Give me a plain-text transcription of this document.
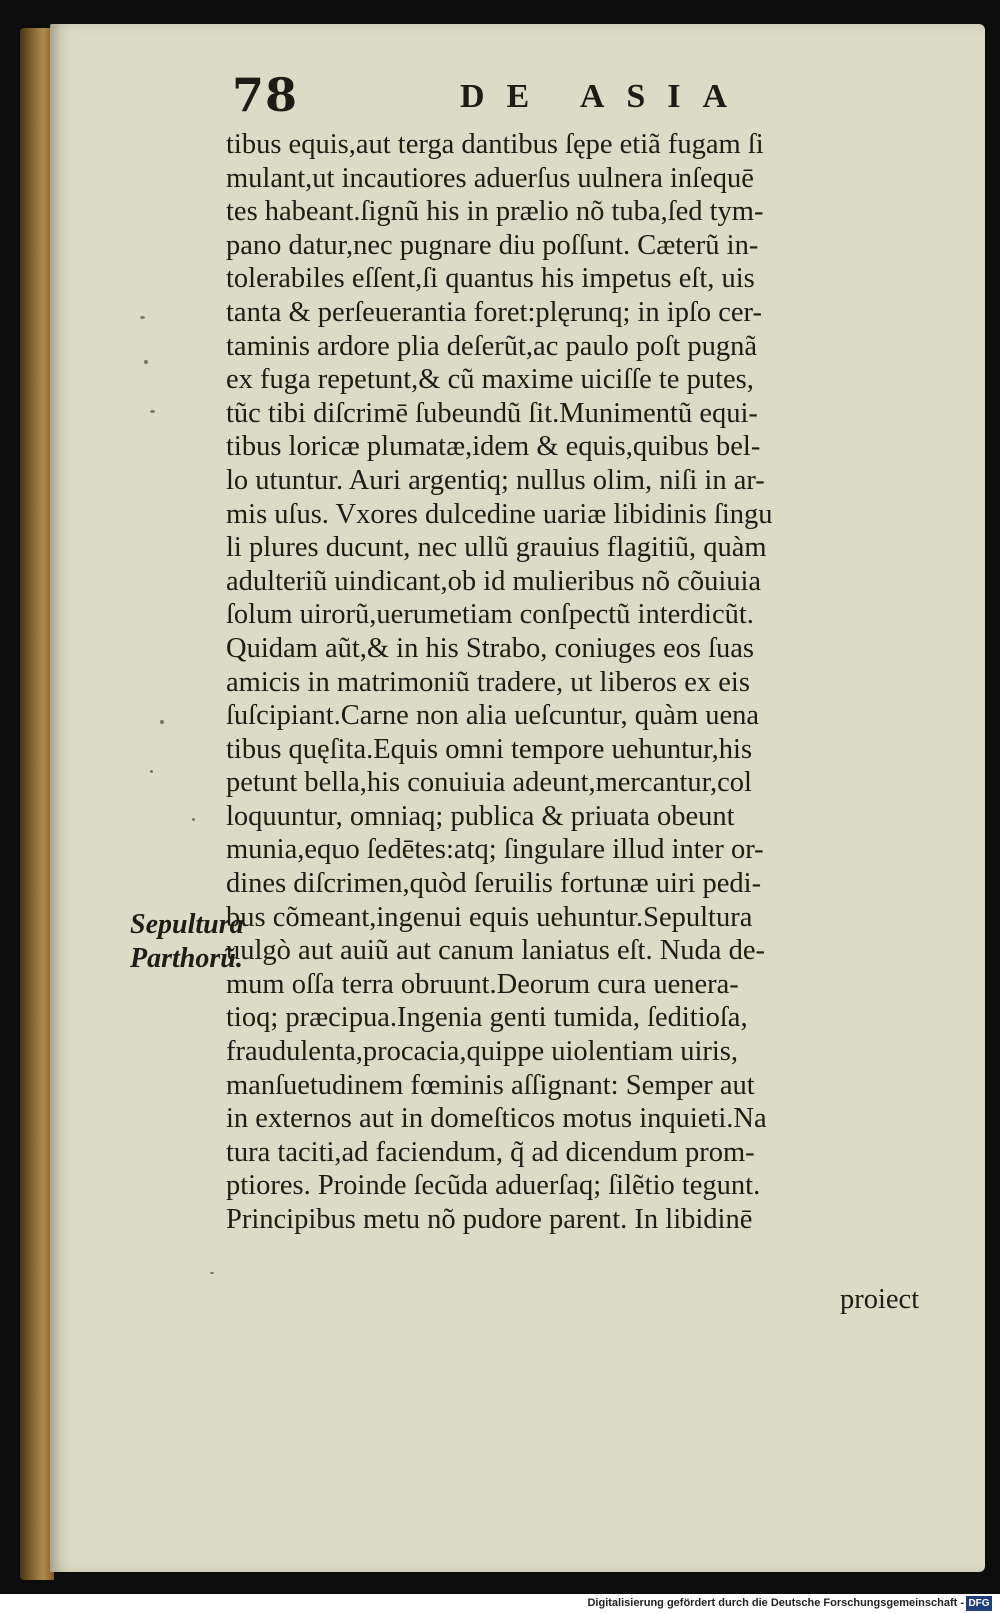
78	DE ASIA
tibus equis,aut terga dantibus ſępe etiã fugam ſi
mulant,ut incautiores aduerſus uulnera inſequē
tes habeant.ſignũ his in prælio nõ tuba,ſed tym-
pano datur,nec pugnare diu poſſunt. Cæterũ in-
tolerabiles eſſent,ſi quantus his impetus eſt, uis
tanta & perſeuerantia foret:plęrunq; in ipſo cer-
taminis ardore plia deſerũt,ac paulo poſt pugnã
ex fuga repetunt,& cũ maxime uiciſſe te putes,
tũc tibi diſcrimē ſubeundũ ſit.Munimentũ equi-
tibus loricæ plumatæ,idem & equis,quibus bel-
lo utuntur. Auri argentiq; nullus olim, niſi in ar-
mis uſus. Vxores dulcedine uariæ libidinis ſingu
li plures ducunt, nec ullũ grauius flagitiũ, quàm
adulteriũ uindicant,ob id mulieribus nõ cõuiuia
ſolum uirorũ,uerumetiam conſpectũ interdicũt.
Quidam aũt,& in his Strabo, coniuges eos ſuas
amicis in matrimoniũ tradere, ut liberos ex eis
ſuſcipiant.Carne non alia ueſcuntur, quàm uena
tibus quęſita.Equis omni tempore uehuntur,his
petunt bella,his conuiuia adeunt,mercantur,col
loquuntur, omniaq; publica & priuata obeunt
munia,equo ſedētes:atq; ſingulare illud inter or-
dines diſcrimen,quòd ſeruilis fortunæ uiri pedi-
bus cõmeant,ingenui equis uehuntur.Sepultura
uulgò aut auiũ aut canum laniatus eſt. Nuda de-
mum oſſa terra obruunt.Deorum cura uenera-
tioq; præcipua.Ingenia genti tumida, ſeditioſa,
fraudulenta,procacia,quippe uiolentiam uiris,
manſuetudinem fœminis aſſignant: Semper aut
in externos aut in domeſticos motus inquieti.Na
tura taciti,ad faciendum, q̃ ad dicendum prom-
ptiores. Proinde ſecũda aduerſaq; ſilẽtio tegunt.
Principibus metu nõ pudore parent. In libidinē
proiect
Sepultura
Parthorũ.
Digitalisierung gefördert durch die Deutsche Forschungsgemeinschaft - DFG
